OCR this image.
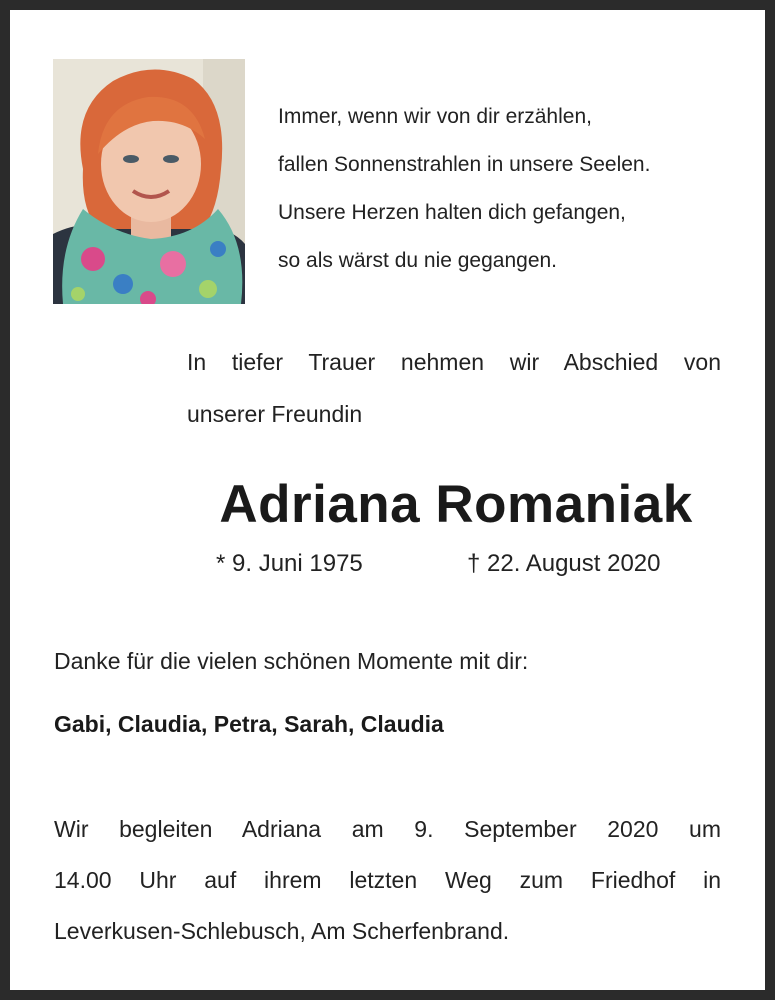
Immer, wenn wir von dir erzählen,
fallen Sonnenstrahlen in unsere Seelen.
Unsere Herzen halten dich gefangen,
so als wärst du nie gegangen.
In tiefer Trauer nehmen wir Abschied von
unserer Freundin
Adriana Romaniak
* 9. Juni 1975	† 22. August 2020
Danke für die vielen schönen Momente mit dir:
Gabi, Claudia, Petra, Sarah, Claudia
Wir begleiten Adriana am 9. September 2020 um
14.00 Uhr auf ihrem letzten Weg zum Friedhof in
Leverkusen-Schlebusch, Am Scherfenbrand.
